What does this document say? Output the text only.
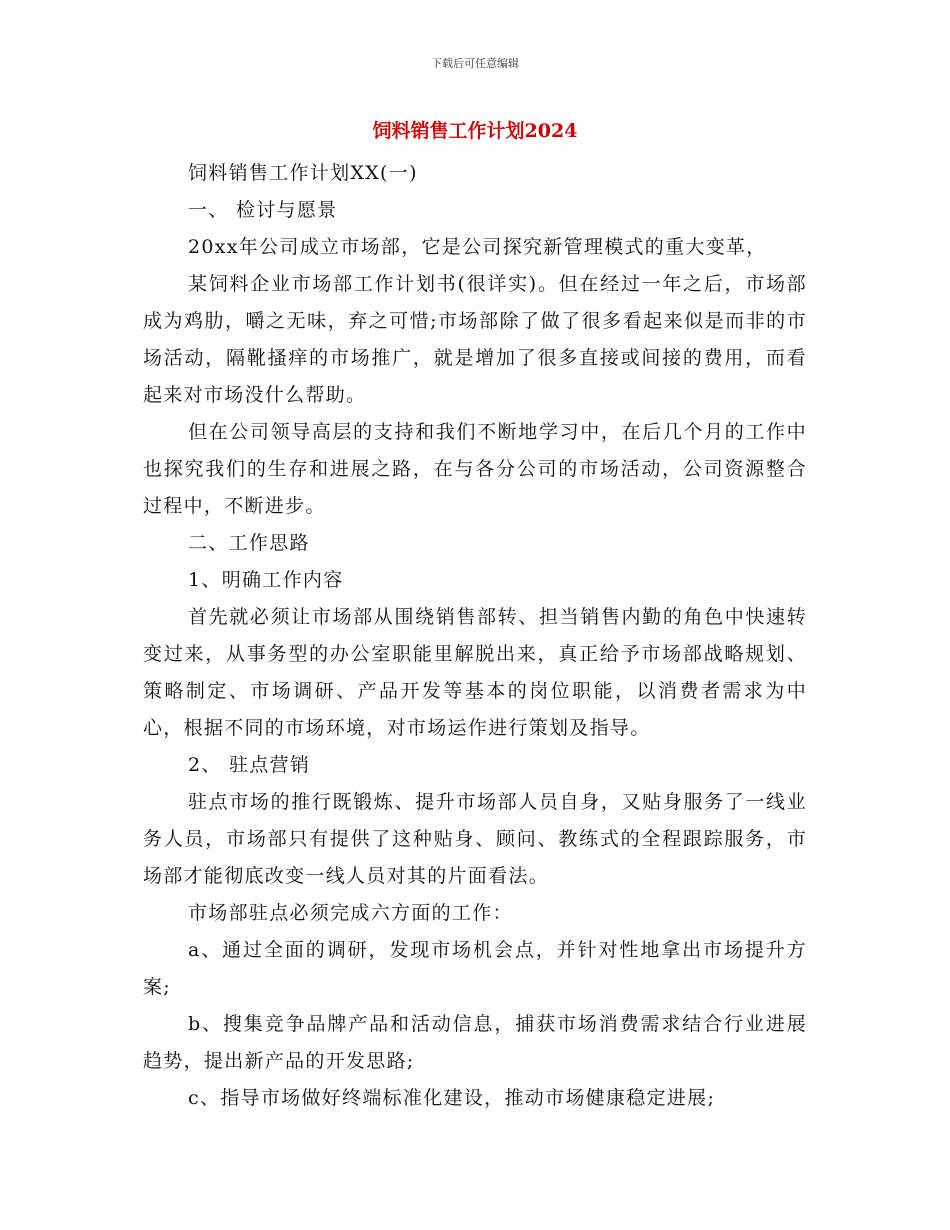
下载后可任意编辑
饲料销售工作计划2024

饲料销售工作计划XX(一)

一、 检讨与愿景

20xx年公司成立市场部，它是公司探究新管理模式的重大变革，

某饲料企业市场部工作计划书(很详实)。但在经过一年之后，市场部成为鸡肋，嚼之无味，弃之可惜;市场部除了做了很多看起来似是而非的市场活动，隔靴搔痒的市场推广，就是增加了很多直接或间接的费用，而看起来对市场没什么帮助。

但在公司领导高层的支持和我们不断地学习中，在后几个月的工作中也探究我们的生存和进展之路，在与各分公司的市场活动，公司资源整合过程中，不断进步。

二、工作思路

1、明确工作内容

首先就必须让市场部从围绕销售部转、担当销售内勤的角色中快速转变过来，从事务型的办公室职能里解脱出来，真正给予市场部战略规划、策略制定、市场调研、产品开发等基本的岗位职能，以消费者需求为中心，根据不同的市场环境，对市场运作进行策划及指导。

2、 驻点营销

驻点市场的推行既锻炼、提升市场部人员自身，又贴身服务了一线业务人员，市场部只有提供了这种贴身、顾问、教练式的全程跟踪服务，市场部才能彻底改变一线人员对其的片面看法。

市场部驻点必须完成六方面的工作：

a、通过全面的调研，发现市场机会点，并针对性地拿出市场提升方案;

b、搜集竞争品牌产品和活动信息，捕获市场消费需求结合行业进展趋势，提出新产品的开发思路;

c、指导市场做好终端标准化建设，推动市场健康稳定进展;
